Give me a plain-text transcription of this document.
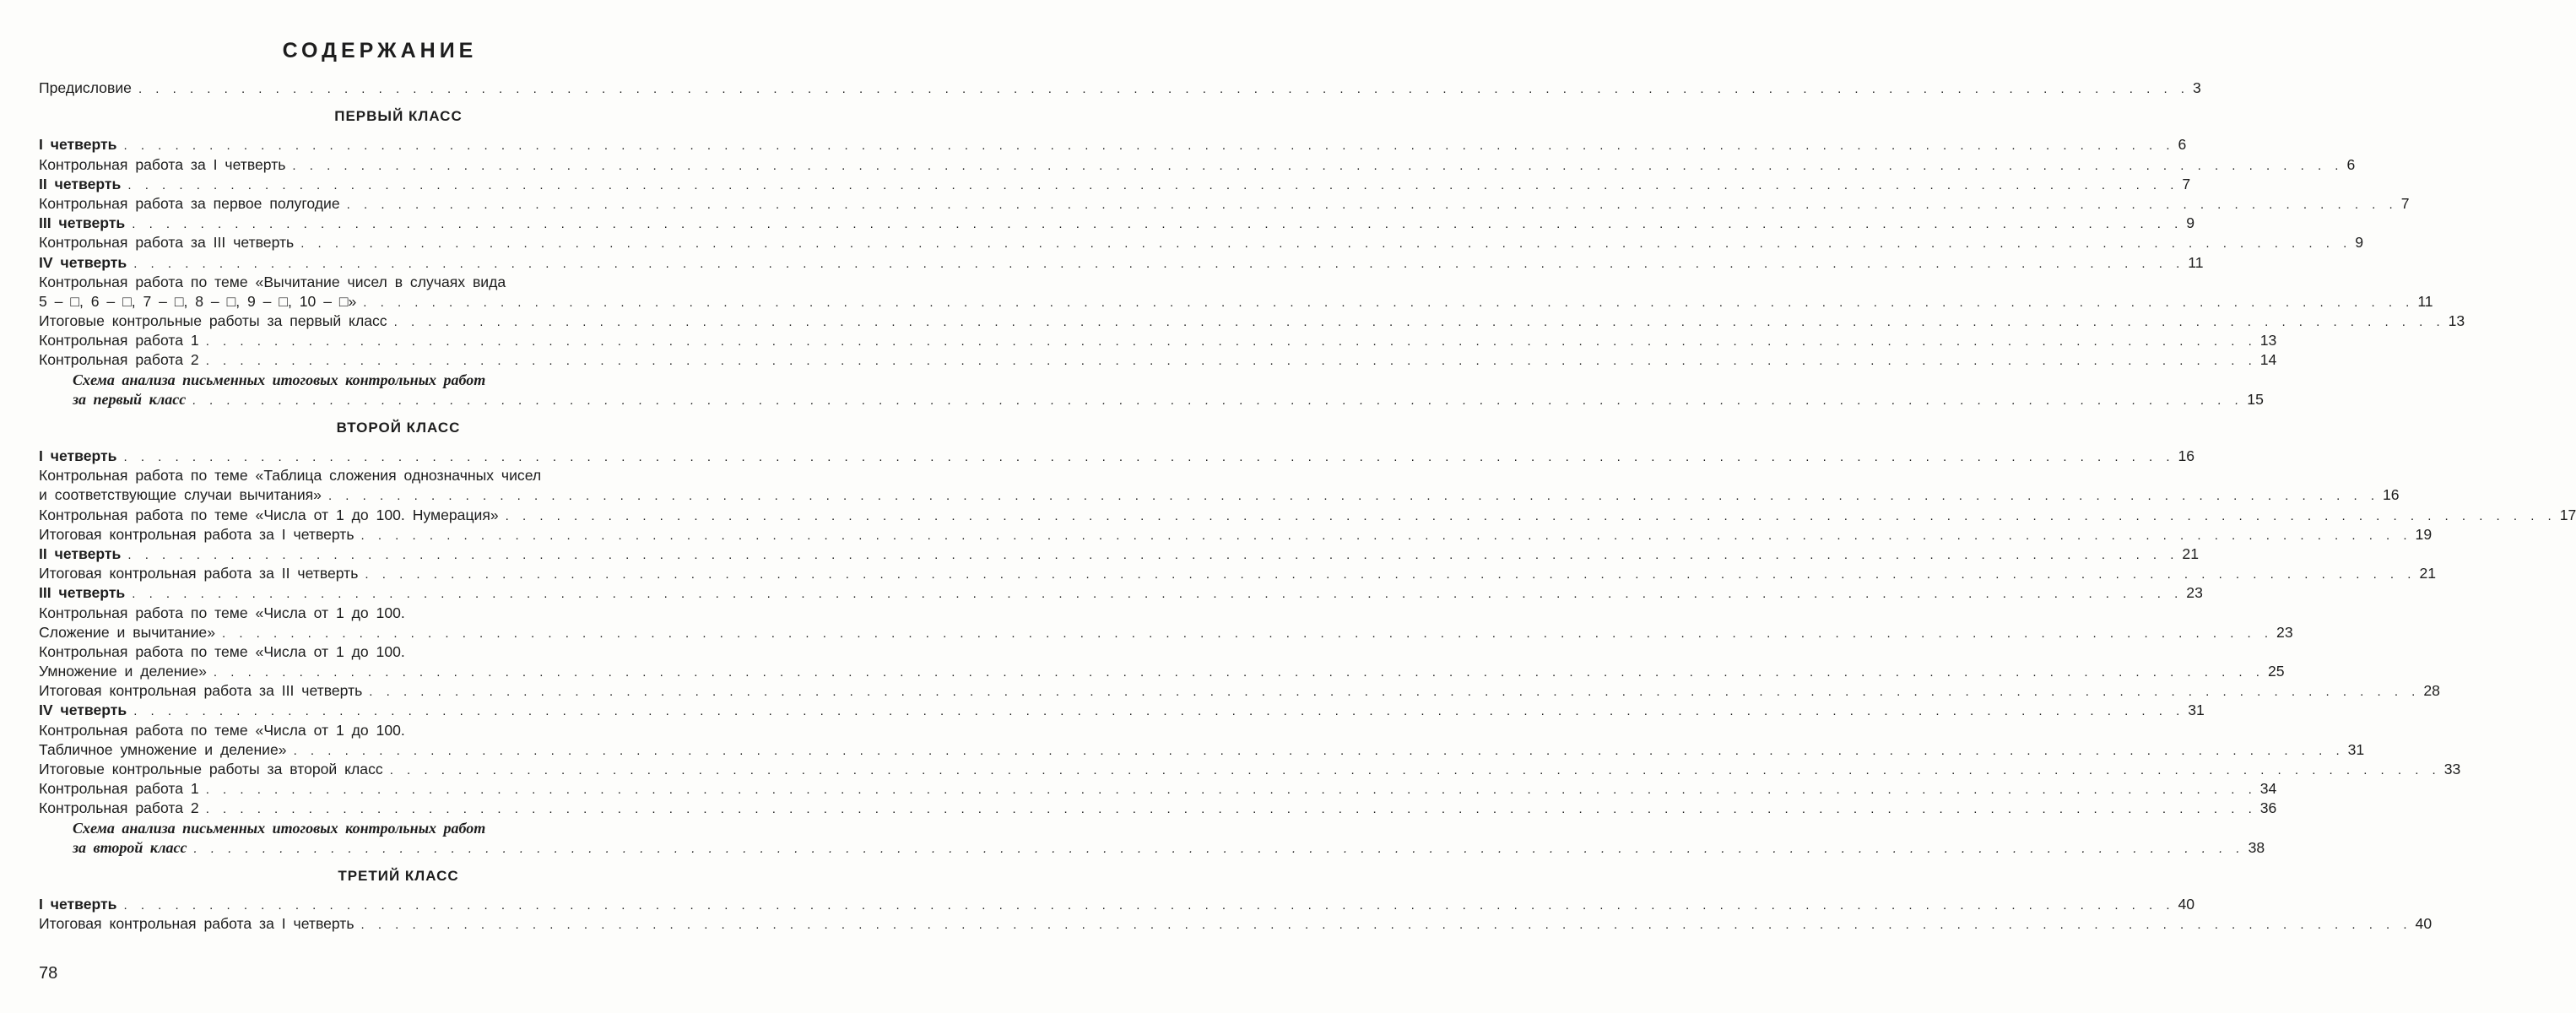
СОДЕРЖАНИЕ
Предисловие . . . . . . . . . . . . . . . . . . . . . . . . . . . . . . . . . . . . . . . . . . . . . . . . . . . . . . . . . . . . . . . . . . . . . . . . . . . . . . . . . . . . . . . . . . . . . . . . . . . . . . . . . . . . . . . . . . . . . . . . 3
ПЕРВЫЙ КЛАСС
I четверть . . . . . . . . . . . . . . . . . . . . . . . . . . . . . . . . . . . . . . . . . . . . . . . . . . . . . . . . . . . . . . . . . . . . . . . . . . . . . . . . . . . . . . . . . . . . . . . . . . . . . . . . . . . . . . . . . . . . . . . . 6
Контрольная работа за I четверть . . . . . . . . . . . . . . . . . . . . . . . . . . . . . . . . . . . . . . . . . . . . . . . . . . . . . . . . . . . . . . . . . . . . . . . . . . . . . . . . . . . . . . . . . . . . . . . . . . . . . . . . . . . . . . . . . . . . . . . . 6
II четверть . . . . . . . . . . . . . . . . . . . . . . . . . . . . . . . . . . . . . . . . . . . . . . . . . . . . . . . . . . . . . . . . . . . . . . . . . . . . . . . . . . . . . . . . . . . . . . . . . . . . . . . . . . . . . . . . . . . . . . . . 7
Контрольная работа за первое полугодие . . . . . . . . . . . . . . . . . . . . . . . . . . . . . . . . . . . . . . . . . . . . . . . . . . . . . . . . . . . . . . . . . . . . . . . . . . . . . . . . . . . . . . . . . . . . . . . . . . . . . . . . . . . . . . . . . . . . . . . . 7
III четверть . . . . . . . . . . . . . . . . . . . . . . . . . . . . . . . . . . . . . . . . . . . . . . . . . . . . . . . . . . . . . . . . . . . . . . . . . . . . . . . . . . . . . . . . . . . . . . . . . . . . . . . . . . . . . . . . . . . . . . . . 9
Контрольная работа за III четверть . . . . . . . . . . . . . . . . . . . . . . . . . . . . . . . . . . . . . . . . . . . . . . . . . . . . . . . . . . . . . . . . . . . . . . . . . . . . . . . . . . . . . . . . . . . . . . . . . . . . . . . . . . . . . . . . . . . . . . . . 9
IV четверть . . . . . . . . . . . . . . . . . . . . . . . . . . . . . . . . . . . . . . . . . . . . . . . . . . . . . . . . . . . . . . . . . . . . . . . . . . . . . . . . . . . . . . . . . . . . . . . . . . . . . . . . . . . . . . . . . . . . . . . . 11
Контрольная работа по теме «Вычитание чисел в случаях вида
5 – □, 6 – □, 7 – □, 8 – □, 9 – □, 10 – □» . . . . . . . . . . . . . . . . . . . . . . . . . . . . . . . . . . . . . . . . . . . . . . . . . . . . . . . . . . . . . . . . . . . . . . . . . . . . . . . . . . . . . . . . . . . . . . . . . . . . . . . . . . . . . . . . . . . . . . . . 11
Итоговые контрольные работы за первый класс . . . . . . . . . . . . . . . . . . . . . . . . . . . . . . . . . . . . . . . . . . . . . . . . . . . . . . . . . . . . . . . . . . . . . . . . . . . . . . . . . . . . . . . . . . . . . . . . . . . . . . . . . . . . . . . . . . . . . . . . 13
Контрольная работа 1 . . . . . . . . . . . . . . . . . . . . . . . . . . . . . . . . . . . . . . . . . . . . . . . . . . . . . . . . . . . . . . . . . . . . . . . . . . . . . . . . . . . . . . . . . . . . . . . . . . . . . . . . . . . . . . . . . . . . . . . . 13
Контрольная работа 2 . . . . . . . . . . . . . . . . . . . . . . . . . . . . . . . . . . . . . . . . . . . . . . . . . . . . . . . . . . . . . . . . . . . . . . . . . . . . . . . . . . . . . . . . . . . . . . . . . . . . . . . . . . . . . . . . . . . . . . . . 14
Схема анализа письменных итоговых контрольных работ
за первый класс . . . . . . . . . . . . . . . . . . . . . . . . . . . . . . . . . . . . . . . . . . . . . . . . . . . . . . . . . . . . . . . . . . . . . . . . . . . . . . . . . . . . . . . . . . . . . . . . . . . . . . . . . . . . . . . . . . . . . . . . 15
ВТОРОЙ КЛАСС
I четверть . . . . . . . . . . . . . . . . . . . . . . . . . . . . . . . . . . . . . . . . . . . . . . . . . . . . . . . . . . . . . . . . . . . . . . . . . . . . . . . . . . . . . . . . . . . . . . . . . . . . . . . . . . . . . . . . . . . . . . . . 16
Контрольная работа по теме «Таблица сложения однозначных чисел
и соответствующие случаи вычитания» . . . . . . . . . . . . . . . . . . . . . . . . . . . . . . . . . . . . . . . . . . . . . . . . . . . . . . . . . . . . . . . . . . . . . . . . . . . . . . . . . . . . . . . . . . . . . . . . . . . . . . . . . . . . . . . . . . . . . . . . 16
Контрольная работа по теме «Числа от 1 до 100. Нумерация» . . . . . . . . . . . . . . . . . . . . . . . . . . . . . . . . . . . . . . . . . . . . . . . . . . . . . . . . . . . . . . . . . . . . . . . . . . . . . . . . . . . . . . . . . . . . . . . . . . . . . . . . . . . . . . . . . . . . . . . . 17
Итоговая контрольная работа за I четверть . . . . . . . . . . . . . . . . . . . . . . . . . . . . . . . . . . . . . . . . . . . . . . . . . . . . . . . . . . . . . . . . . . . . . . . . . . . . . . . . . . . . . . . . . . . . . . . . . . . . . . . . . . . . . . . . . . . . . . . . 19
II четверть . . . . . . . . . . . . . . . . . . . . . . . . . . . . . . . . . . . . . . . . . . . . . . . . . . . . . . . . . . . . . . . . . . . . . . . . . . . . . . . . . . . . . . . . . . . . . . . . . . . . . . . . . . . . . . . . . . . . . . . . 21
Итоговая контрольная работа за II четверть . . . . . . . . . . . . . . . . . . . . . . . . . . . . . . . . . . . . . . . . . . . . . . . . . . . . . . . . . . . . . . . . . . . . . . . . . . . . . . . . . . . . . . . . . . . . . . . . . . . . . . . . . . . . . . . . . . . . . . . . 21
III четверть . . . . . . . . . . . . . . . . . . . . . . . . . . . . . . . . . . . . . . . . . . . . . . . . . . . . . . . . . . . . . . . . . . . . . . . . . . . . . . . . . . . . . . . . . . . . . . . . . . . . . . . . . . . . . . . . . . . . . . . . 23
Контрольная работа по теме «Числа от 1 до 100.
Сложение и вычитание» . . . . . . . . . . . . . . . . . . . . . . . . . . . . . . . . . . . . . . . . . . . . . . . . . . . . . . . . . . . . . . . . . . . . . . . . . . . . . . . . . . . . . . . . . . . . . . . . . . . . . . . . . . . . . . . . . . . . . . . . 23
Контрольная работа по теме «Числа от 1 до 100.
Умножение и деление» . . . . . . . . . . . . . . . . . . . . . . . . . . . . . . . . . . . . . . . . . . . . . . . . . . . . . . . . . . . . . . . . . . . . . . . . . . . . . . . . . . . . . . . . . . . . . . . . . . . . . . . . . . . . . . . . . . . . . . . . 25
Итоговая контрольная работа за III четверть . . . . . . . . . . . . . . . . . . . . . . . . . . . . . . . . . . . . . . . . . . . . . . . . . . . . . . . . . . . . . . . . . . . . . . . . . . . . . . . . . . . . . . . . . . . . . . . . . . . . . . . . . . . . . . . . . . . . . . . . 28
IV четверть . . . . . . . . . . . . . . . . . . . . . . . . . . . . . . . . . . . . . . . . . . . . . . . . . . . . . . . . . . . . . . . . . . . . . . . . . . . . . . . . . . . . . . . . . . . . . . . . . . . . . . . . . . . . . . . . . . . . . . . . 31
Контрольная работа по теме «Числа от 1 до 100.
Табличное умножение и деление» . . . . . . . . . . . . . . . . . . . . . . . . . . . . . . . . . . . . . . . . . . . . . . . . . . . . . . . . . . . . . . . . . . . . . . . . . . . . . . . . . . . . . . . . . . . . . . . . . . . . . . . . . . . . . . . . . . . . . . . . 31
Итоговые контрольные работы за второй класс . . . . . . . . . . . . . . . . . . . . . . . . . . . . . . . . . . . . . . . . . . . . . . . . . . . . . . . . . . . . . . . . . . . . . . . . . . . . . . . . . . . . . . . . . . . . . . . . . . . . . . . . . . . . . . . . . . . . . . . . 33
Контрольная работа 1 . . . . . . . . . . . . . . . . . . . . . . . . . . . . . . . . . . . . . . . . . . . . . . . . . . . . . . . . . . . . . . . . . . . . . . . . . . . . . . . . . . . . . . . . . . . . . . . . . . . . . . . . . . . . . . . . . . . . . . . . 34
Контрольная работа 2 . . . . . . . . . . . . . . . . . . . . . . . . . . . . . . . . . . . . . . . . . . . . . . . . . . . . . . . . . . . . . . . . . . . . . . . . . . . . . . . . . . . . . . . . . . . . . . . . . . . . . . . . . . . . . . . . . . . . . . . . 36
Схема анализа письменных итоговых контрольных работ
за второй класс . . . . . . . . . . . . . . . . . . . . . . . . . . . . . . . . . . . . . . . . . . . . . . . . . . . . . . . . . . . . . . . . . . . . . . . . . . . . . . . . . . . . . . . . . . . . . . . . . . . . . . . . . . . . . . . . . . . . . . . . 38
ТРЕТИЙ КЛАСС
I четверть . . . . . . . . . . . . . . . . . . . . . . . . . . . . . . . . . . . . . . . . . . . . . . . . . . . . . . . . . . . . . . . . . . . . . . . . . . . . . . . . . . . . . . . . . . . . . . . . . . . . . . . . . . . . . . . . . . . . . . . . 40
Итоговая контрольная работа за I четверть . . . . . . . . . . . . . . . . . . . . . . . . . . . . . . . . . . . . . . . . . . . . . . . . . . . . . . . . . . . . . . . . . . . . . . . . . . . . . . . . . . . . . . . . . . . . . . . . . . . . . . . . . . . . . . . . . . . . . . . . 40
78
